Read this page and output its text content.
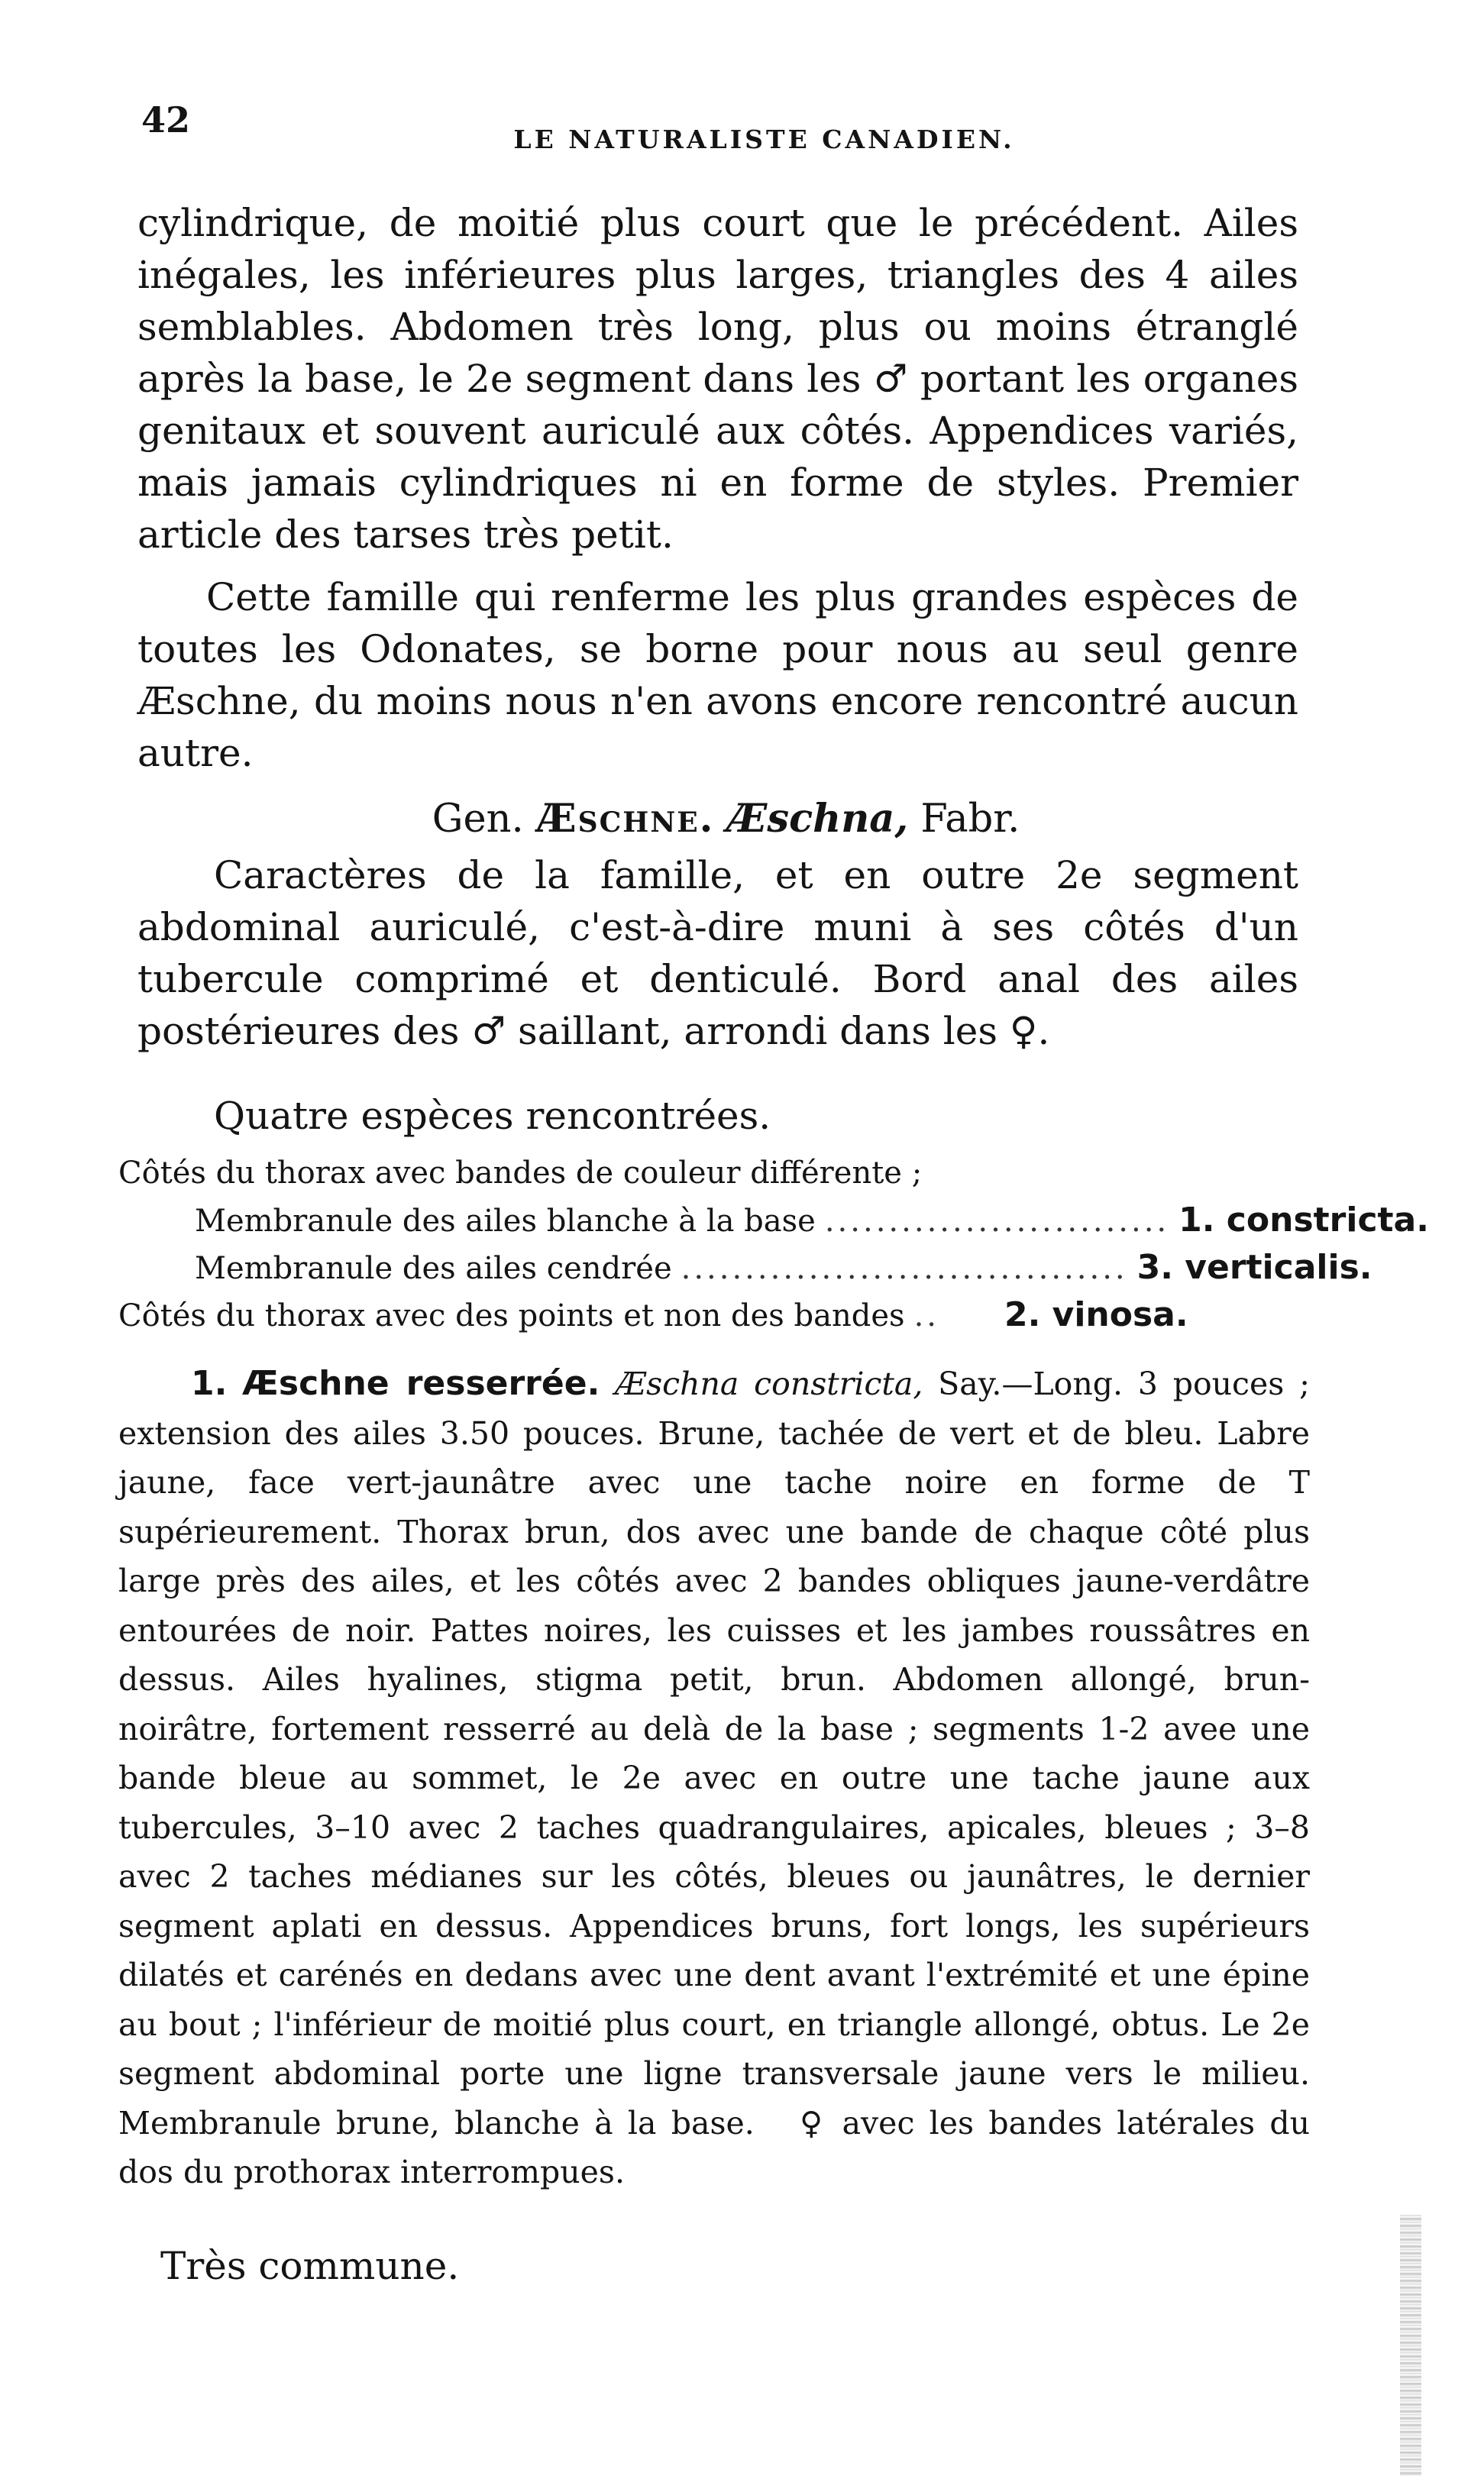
42	LE NATURALISTE CANADIEN.
cylindrique, de moitié plus court que le précédent. Ailes inégales, les inférieures plus larges, triangles des 4 ailes semblables. Abdomen très long, plus ou moins étranglé après la base, le 2e segment dans les ♂ portant les organes genitaux et souvent auriculé aux côtés. Appendices variés, mais jamais cylindriques ni en forme de styles. Premier article des tarses très petit.
Cette famille qui renferme les plus grandes espèces de toutes les Odonates, se borne pour nous au seul genre Æschne, du moins nous n'en avons encore rencontré aucun autre.
Gen. Æschne. Æschna, Fabr.
Caractères de la famille, et en outre 2e segment abdominal auriculé, c'est-à-dire muni à ses côtés d'un tubercule comprimé et denticulé. Bord anal des ailes postérieures des ♂ saillant, arrondi dans les ♀.
Quatre espèces rencontrées.
Côtés du thorax avec bandes de couleur différente ;
Membranule des ailes blanche à la base ........................... 1. constricta.
Membranule des ailes cendrée ................................... 3. verticalis.
Côtés du thorax avec des points et non des bandes ..	2. vinosa.
1. Æschne resserrée. Æschna constricta, Say.—Long. 3 pouces ; extension des ailes 3.50 pouces. Brune, tachée de vert et de bleu. Labre jaune, face vert-jaunâtre avec une tache noire en forme de T supérieurement. Thorax brun, dos avec une bande de chaque côté plus large près des ailes, et les côtés avec 2 bandes obliques jaune-verdâtre entourées de noir. Pattes noires, les cuisses et les jambes roussâtres en dessus. Ailes hyalines, stigma petit, brun. Abdomen allongé, brun-noirâtre, fortement resserré au delà de la base ; segments 1-2 avee une bande bleue au sommet, le 2e avec en outre une tache jaune aux tubercules, 3–10 avec 2 taches quadrangulaires, apicales, bleues ; 3–8 avec 2 taches médianes sur les côtés, bleues ou jaunâtres, le dernier segment aplati en dessus. Appendices bruns, fort longs, les supérieurs dilatés et carénés en dedans avec une dent avant l'extrémité et une épine au bout ; l'inférieur de moitié plus court, en triangle allongé, obtus. Le 2e segment abdominal porte une ligne transversale jaune vers le milieu. Membranule brune, blanche à la base. ♀ avec les bandes latérales du dos du prothorax interrompues.
Très commune.
